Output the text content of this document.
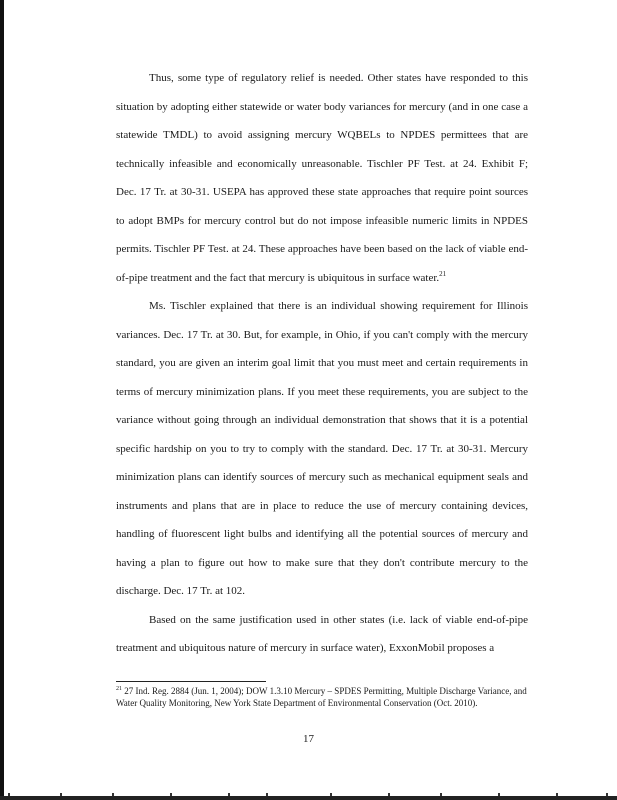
Thus, some type of regulatory relief is needed. Other states have responded to this situation by adopting either statewide or water body variances for mercury (and in one case a statewide TMDL) to avoid assigning mercury WQBELs to NPDES permittees that are technically infeasible and economically unreasonable. Tischler PF Test. at 24. Exhibit F; Dec. 17 Tr. at 30-31. USEPA has approved these state approaches that require point sources to adopt BMPs for mercury control but do not impose infeasible numeric limits in NPDES permits. Tischler PF Test. at 24. These approaches have been based on the lack of viable end-of-pipe treatment and the fact that mercury is ubiquitous in surface water.$^{21}$

Ms. Tischler explained that there is an individual showing requirement for Illinois variances. Dec. 17 Tr. at 30. But, for example, in Ohio, if you can't comply with the mercury standard, you are given an interim goal limit that you must meet and certain requirements in terms of mercury minimization plans. If you meet these requirements, you are subject to the variance without going through an individual demonstration that shows that it is a potential specific hardship on you to try to comply with the standard. Dec. 17 Tr. at 30-31. Mercury minimization plans can identify sources of mercury such as mechanical equipment seals and instruments and plans that are in place to reduce the use of mercury containing devices, handling of fluorescent light bulbs and identifying all the potential sources of mercury and having a plan to figure out how to make sure that they don't contribute mercury to the discharge. Dec. 17 Tr. at 102.

Based on the same justification used in other states (i.e. lack of viable end-of-pipe treatment and ubiquitous nature of mercury in surface water), ExxonMobil proposes a

$^{21}$ 27 Ind. Reg. 2884 (Jun. 1, 2004); DOW 1.3.10 Mercury – SPDES Permitting, Multiple Discharge Variance, and Water Quality Monitoring, New York State Department of Environmental Conservation (Oct. 2010).
17
